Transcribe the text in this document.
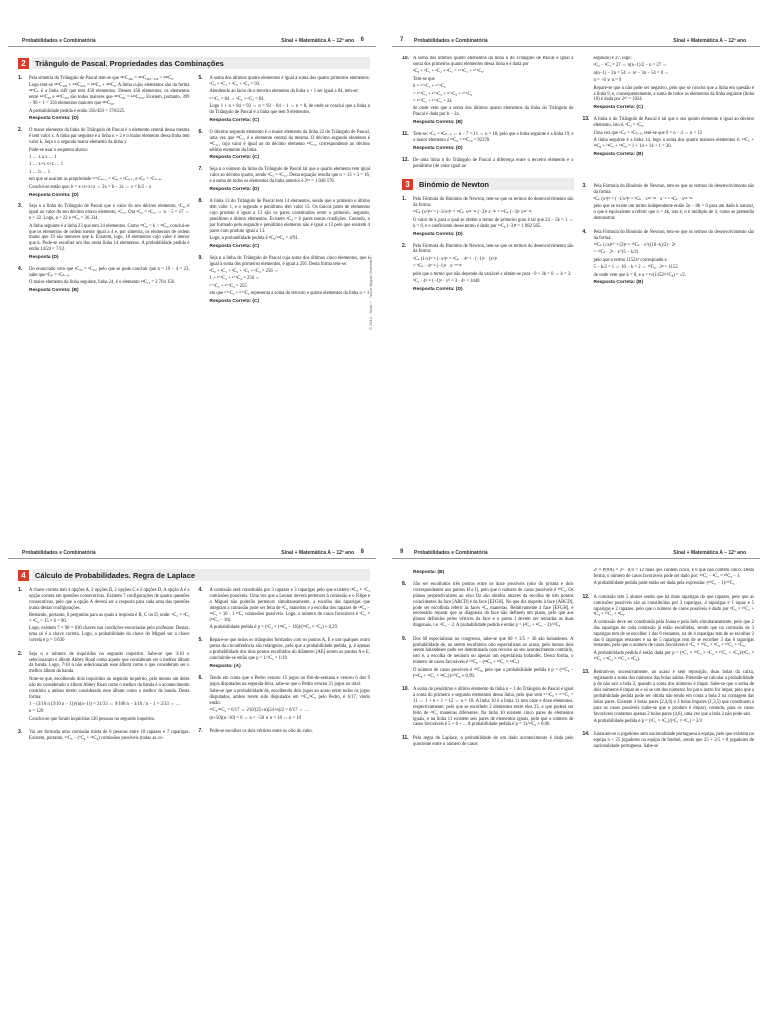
Probabilidades e Combinatória	Sinal + Matemática A – 12º ano 6
2	Triângulo de Pascal. Propriedades das Combinações
1.	Pela simetria do Triângulo de Pascal tem-se que ⁴⁴⁹C₄₄₀ = ⁴⁴⁹C₄₄₉₋₄₄₀ = ⁴⁴⁹C₉.

Logo tem-se ⁴⁴⁹C₄₄₉ + ⁴⁴⁹C₄₄₀ = ⁴⁴⁹C₉ + ⁴⁴⁹C₉. A linha cujos elementos são da forma ⁴⁴⁹Cₖ é a linha 449 que tem 450 elementos. Desses 450 elementos, os elementos entre ⁴⁴⁹C₉₀ e ⁴⁴⁹C₃₅₉ são todos maiores que ⁴⁴⁹C₉₀ = ⁴⁴⁹C₃₅₉. Existem, portanto, 399 − 90 + 1 = 356 elementos maiores que ⁴⁴⁹C₉₀.

A probabilidade pedida é então 356/450 = 178/225.

Resposta Correta: (D)
2.	O maior elemento da linha do Triângulo de Pascal é o elemento central dessa mesma é tem valor x. A linha par seguinte é a linha n + 2 e o maior elemento dessa linha tem valor k. Seja x o segundo maior elemento da linha y.

Pode-se usar o esquema abaixo

1 … x a x … 1

1 … x+z x+z … 1

1 … b … 1

em que se usaram as propriedade ⁿ⁺¹Cₚ₊₁ = ⁿCₚ + ⁿCₚ₊₁ e ⁿCₚ = ⁿCₙ₋ₚ.

Conclui-se então que: b = x+z+x+z ⇔ 2x = b − 2z ⇔ x = b/2 − z

Resposta Correta: (D)
3.	Seja n a linha do Triângulo de Pascal que o valor do seu décimo elemento, ⁿC₉, é igual ao valor do seu décimo oitavo elemento, ⁿC₁₇. Ora ⁿC₉ = ⁿC₁₇ ⇔ n − 5 = 17 ⇔ n = 22. Logo, n = 22 e ²²C₅ = 26 334.

A linha seguinte é a linha 23 que tem 24 elementos. Como ²³C₀ < k < ²³C₃, conclui-se que os elementos de ordem menor igual a 4 e, por simetria, os elementos de ordem maior que 19 são menores que k. Existem, logo, 10 elementos cujo valor é menor que k. Pode-se escolher um dos nesta linha 14 elementos. A probabilidade pedida é então 14/24 = 7/12.

Resposta (D)
4.	Do enunciado vem que ⁿC₂₃ = ⁿC₂₅, pelo que se pode concluir que n = 19 − 4 = 23, sabe que ⁿCₚ = ⁿCₙ₋ₚ.

O maior elemento da linha seguinte, linha 24, é o elemento ²⁴C₁₂ = 2 704 156.

Resposta Correta: (B)
5.	A soma dos últimos quatro elementos é igual à soma dos quatro primeiros elementos: ⁿC₀ + ⁿC₁ + ⁿC₂ + ⁿC₃ = 93.

Atendendo ao facto de o terceiro elemento da linha n + 1 ser igual a 84, tem-se:

ⁿ⁺¹C₂ = 84 ⇔ ⁿC₁ + ⁿC₂ = 84.

Logo 1 + n + 84 = 93 ⇔ n = 93 − 84 − 1 ⇔ n = 8, de onde se conclui que a linha n do Triângulo de Pascal é a linha que tem 9 elementos.

Resposta Correta: (C)
6.	O décimo segundo elemento é o maior elemento da linha 22 do Triângulo de Pascal, uma vez que ²²C₁₁ é o elemento central da mesma. O décimo segundo elemento é ²³C₁₁, cujo valor é igual ao do décimo elemento ²³C₁₂, correspondente ao décimo sétimo elemento da linha.

Resposta Correta: (C)
7.	Seja n o número da linha do Triângulo de Pascal tal que o quarto elemento tem igual valor ao décimo quarto, sendo ⁿC₃ = ⁿC₁₃. Desta equação resulta que n = 13 + 3 = 16, e a soma de todos os elementos da linha anterior é 2¹⁵ = 1 048 576.

Resposta Correta: (D)
8.	A linha 13 do Triângulo de Pascal tem 14 elementos, sendo que o primeiro e último têm valor 1, e o segundo e penúltimo têm valor 13. Os únicos pares de elementos cujo produto é igual a 13 são os pares constituídos entre o primeiro, segundo, penúltimo e último elementos. Existem ⁴C₂ = 6 pares nestas condições. Contudo, o par formado pelo segundo e penúltimo elemento não é igual a 13 pelo que existem 4 pares com produto igual a 13.

Logo, a probabilidade pedida é ⁴C₂/¹⁴C₂ = 4/91.

Resposta Correta: (C)
9.	Seja n a linha do Triângulo de Pascal cuja soma dos últimos cinco elementos, que é igual à soma dos primeiros elementos, é igual a 256. Desta forma tem-se:

ⁿC₀ + ⁿC₁ + ⁿC₂ + ⁿC₃ + ⁿC₄ = 256 ⇔

1 + ⁿ⁺¹C₂ + ⁿ⁺¹C₄ = 256 ⇔

ⁿ⁺¹C₂ + ⁿ⁺¹C₄ = 255

em que ⁿ⁺¹C₂ + ⁿ⁺¹C₄ representa a soma do terceiro e quinto elementos da linha n + 1

Resposta Correta: (C)
7 Probabilidades e Combinatória	Sinal + Matemática A – 12º ano
10. A soma dos últimos quatro elementos da linha n do Triângulo de Pascal é igual à soma dos primeiros quatro elementos dessa linha e é dada por

ⁿC₀ + ⁿC₁ + ⁿC₂ + ⁿC₃ = ⁿ⁺¹C₁ + ⁿ⁺¹C₃.

Tem-se que

b = ⁿ⁺¹C₁ + ⁿ⁺¹C₃

= ⁿ⁺¹C₁ + ⁿ⁺¹C₂ + ⁿ⁺¹C₃ + ⁿ⁺¹C₃

= ⁿ⁺¹C₁ + ⁿ⁺¹C₂ + 2a

de onde vem que a soma dos últimos quatro elementos da linha do Triângulo de Pascal é dada por b − 2a.

Resposta Correta: (B)
11. Tem-se: ⁿCₚ = ⁿCₙ₋ₚ ⇔ n − 7 = 11 ⇔ n = 18, pelo que a linha seguinte é a linha 19, e o maior elemento é ¹⁹C₉ = ¹⁹C₁₀ = 92378.

Resposta Correta: (D)
12. De uma linha n do Triângulo de Pascal a diferença entre o terceiro elemento e o penúltimo (de valor igual ao

3	Binómio de Newton
1.	Pela Fórmula do Binómio de Newton, tem-se que os termos do desenvolvimento são da forma:

¹²Cₖ (x²)¹²⁻ᵏ (−3/x³)ᵏ = ¹²Cₖ x²⁴⁻²ᵏ (−3)ᵏ x⁻³ᵏ = ¹²Cₖ (−3)ᵏ x²⁴⁻⁵ᵏ

O valor de k para o qual se obtém o termo de primeiro grau é tal que 24 − 5k = 1 ⇔ k = 8, e o coeficiente desse termo é dado por ¹²C₈ (−3)⁸ = 1 082 565.

Resposta Correta: (D)
2.	Pela Fórmula do Binómio de Newton, tem-se que os termos do desenvolvimento são da forma:

⁹Cₖ (1/x)⁹⁻ᵏ (−x²)ᵏ = ⁹Cₖ · 4⁹⁻ᵏ · (−1)ᵏ · (x²)ᵏ

= ⁹Cₖ · 4⁹⁻ᵏ (−1)ᵏ · x⁻⁹⁺³ᵏ

pelo que o termo que não depende da variável x obtém-se para −9 + 3k = 0 ⇔ k = 3:

⁹C₃ · 4⁶ × (−1)³ · x⁰ = 3 · 4⁶ = 3440

Resposta Correta: (D)

segundo) é 27, logo:

ⁿC₂ − ⁿC₁ = 27 ⇔ n(n−1)/2 − n = 27 ⇔

n(n−1) − 2n = 54 ⇔ n² − 3n − 54 = 0 ⇔

n = −6 ∨ n = 9

Repare-se que n não pode ser negativo, pelo que se conclui que a linha em questão é a linha 9, e, consequentemente, a soma de todos os elementos da linha seguinte (linha 10) é dada por 2¹⁰ = 1024.

Resposta Correta: (C)
13. A linha n do Triângulo de Pascal é tal que o seu quinto elemento é igual ao décimo elemento, isto é, ⁿC₄ = ⁿC₉.

Uma vez que ⁿCₚ = ⁿCₙ₋ₚ, tem-se que 9 = n − 4 ⇔ n = 13

A linha seguinte é a linha 14, logo a soma dos quatro maiores elementos é: ¹⁴C₅ + ¹⁴C₆ + ¹⁴C₇ + ¹⁴C₈ = 1 + 14 + 14 + 1 = 30.

Resposta Correta: (B)
3.	Pela Fórmula do Binómio de Newton, tem-se que os termos do desenvolvimento são da forma:

⁹Cₖ (x²)⁹⁻ᵏ (−1/x²)ᵏ = ⁹Cₖ · x¹⁸⁻²ᵏ · x⁻ᵏ = ⁹Cₖ · x¹⁸⁻³ᵏ

pelo que se existe um termo independente então 2n − 8k = 0 para um dado k natural, o que é equivalente a referir que n = 4k, isto é, n é múltiplo de 4, como se pretendia demonstrar.

4.	Pela Fórmula do Binómio de Newton, tem-se que os termos do desenvolvimento são da forma:

¹⁰Cₖ (√x)¹⁰⁻ᵏ (2)ᵏ = ¹⁰Cₖ · x^((10−k)/2) · 2ᵏ

= ¹⁰Cₖ · 2ᵏ · x^(5 − k/2)

pelo que o termo 1152x² corresponde a

5 − k/2 = 1 ⇔ 10 − k = 2 ⇔ ¹⁰C₈ · 2⁸ = 1152

de onde vem que k = 8, e a = ⁸√(1152/¹⁰C₈) = √2.

Resposta Correta: (B)
© 2014 · Sinal + · Nuno Miguel Guerreiro
Probabilidades e Combinatória	Sinal + Matemática A – 12º ano 8
4	Cálculo de Probabilidades. Regra de Laplace
1.	A chave correta tem 4 opções A, 2 opções B, 2 opções C e 2 opções D. A opção A é a opção correta em questões consecutivas. Existem 7 configurações de quatro questões consecutivas, pelo que a opção A deverá ser a resposta para cada uma das questões numa destas configurações.

Restando, portanto, 6 perguntas para as quais a resposta é B, C ou D, onde: ⁶C₂ × ⁴C₂ × ²C₂ = 15 × 6 = 90.

Logo, existem 7 × 90 = 630 chaves nas condições enunciadas pelo professor. Destas, uma só é a chave correta. Logo, a probabilidade da chave do Miguel ser a chave correta é p = 1/630

2.	Seja n o número de inquiridos no segundo inquérito. Sabe-se que 3/10 n selecionaram o álbum Abbey Road como aquele que consideram ser o melhor álbum da banda. Logo, 7/10 n não selecionaram esse álbum como o que consideram ser o melhor álbum da banda.

Note-se que, escolhendo dois inquiridos no segundo inquérito, pelo menos um deles não ter considerado o álbum Abbey Road como o melhor da banda é o acontecimento contrário a ambos terem considerado esse álbum como o melhor da banda. Desta forma:

1 − (3/10 n (3/10 n − 1))/(n(n−1)) = 31/33 ⇔ 9/100 n − 3/10 / n − 1 = 2/33 ⇔ …

n = 120

Conclui-se que foram inquiridas 120 pessoas no segundo inquérito.

3.	Vai ser formada uma comissão mista de 6 pessoas entre 18 rapazes e 7 raparigas. Existem, portanto, ²⁵C₆ − (⁷C₆ + ¹⁸C₆) comissões possíveis (todas as co-

4.	A comissão será constituída por 3 rapazes e 3 raparigas pelo que existem ¹⁸C₃ × ⁷C₃ comissões possíveis. Uma vez que a Leonor deverá pertencer à comissão e o Filipe e o Miguel não poderão pertencer simultaneamente, a escolha das raparigas que integram a comissão pode ser feita de ⁶C₂ maneiras e a escolha dos rapazes de ¹⁸C₃ − ¹⁶C₁ = 16 · 1 ¹⁷C₁ comissões possíveis. Logo, o número de casos favoráveis é ⁶C₂ × (¹⁸C₃ − 16).

A probabilidade pedida é p = (⁶C₂ × (¹⁸C₃ − 16))/(¹⁸C₃ × ⁷C₃) ≈ 0,29.

5.	Repare-se que todos os triângulos formados com os pontos A, E e um qualquer outro ponto da circunferência são retângulos, pelo que a probabilidade pedida, p, é apenas a probabilidade dos dois pontos escolhidos do diâmetro [AE] serem os pontos A e E, concluindo-se então que p = 1/⁵C₂ = 1/10

Resposta: (A)
6.	Tendo em conta que o Pedro venceu 15 jogos no fim-de-semana e venceu 6 dos 9 jogos disputados na segunda-feira, sabe-se que o Pedro venceu 21 jogos no total.

Sabe-se que a probabilidade de, escolhendo dois jogos ao acaso entre todos os jogos disputados, ambos terem sido disputados em ¹⁵C₂/ⁿC₂ pelo Pedro, é 6/17, vindo então:

¹⁵C₂/²¹C₂ = 6/17 ⇔ 210/(25+n)(24+n)/2 = 6/17 ⇔ …

(n+50)(n−10) = 0 ⇔ n = −50 ∨ n = 10 ⇔ n = 10

7.	Pode-se escolher os dois vértices entre os oito do cubo.

9 Probabilidades e Combinatória	Sinal + Matemática A – 12º ano
Resposta: (B)
8.	São ser escolhidos três pontos entre os doze possíveis (oito do prisma e dois correspondentes aos pontos H e I), pelo que o número de casos possíveis é ¹⁰C₃. Os planos perpendiculares ao eixo Oz são obtidos através da escolha de três pontos coincidentes da face [ABCD] e da face [EFGH]. No que diz respeito à face [ABCD], pode ser escolhida referir às faces ⁴C₃ maneiras. Relativamente à face [EFGH], é necessário reparar que as diagonais da face não definem um plano, pelo que aos planos definidos pelos vértices da face e o ponto I devem ser retiradas as duas diagonais, i.e. ⁴C₃ − 2. A probabilidade pedida é então p = (⁴C₃ + ⁴C₃ − 2)/¹⁰C₃

9.	Dos 60 especialistas no congresso, sabe-se que 60 × 3/5 = 36 são holandeses. A probabilidade de, ao serem escolhidos oito especialistas ao acaso, pelo menos dois serem holandeses pode ser determinada com recurso ao seu acontecimento contrário, isto é, a escolha de nenhum ou apenas um especialista holandês. Desta forma, o número de casos favoráveis é ⁶⁰C₈ − (²⁴C₈ + ³⁶C₁ × ²⁴C₇)

O número de casos possíveis é ⁶⁰C₈, pelo que a probabilidade pedida é p = (⁶⁰C₈ − (²⁴C₈ + ³⁶C₁ × ²⁴C₇))/⁶⁰C₈ ≈ 0,99.

10. A soma do penúltimo e último elemento da linha n + 1 do Triângulo de Pascal é igual à soma do primeiro e segundo elementos dessa linha, pelo que vem ⁿ⁺¹C₀ + ⁿ⁺¹C₁ = 11 ⇔ 1 + n + 1 = 12 ⇔ n = 10. A linha 10 é a linha 11 tem onze e doze elementos, respectivamente, pelo que se escolhem 2 elementos entre eles 23, e que poderá ser feito de ²³C₂ maneiras diferentes. Na linha 10 existem cinco pares de elementos iguais, e na linha 11 existem seis pares de elementos iguais, pelo que o número de casos favoráveis é 5 + 6 + ... A probabilidade pedida é p = 11/²³C₂ ≈ 0,06.

11. Pela regra de Laplace, a probabilidade de um dado acontecimento é dada pelo quociente entre o número de casos

2ⁿ × P(#A) = 2ⁿ · 0,6 = 12 mais que contém cinco, e 8 que não contém cinco. Desta forma, o número de casos favoráveis pode ser dado por: ²⁰C₃ − ⁸C₃ = ²⁰C₃ − 1.

A probabilidade pedida pode então ser dada pela expressão: (²⁰C₃ − 1)/²⁰C₃

12. A comissão tem 5 alunos sendo que há mais raparigas do que rapazes, pelo que as comissões possíveis são as constituídas por 3 raparigas, 4 raparigas e 1 rapaz e 5 raparigas e 2 rapazes, pelo que o número de casos possíveis é dado por ⁸C₃ × ¹⁰C₂ + ⁸C₄ × ¹⁰C₁ + ⁸C₅.

A comissão deve ser constituída pela Joana e pela Inês simultaneamente, pelo que 2 das raparigas de cada comissão já estão escolhidas, sendo que na comissão de 3 raparigas tem de se escolher 1 das 6 restantes, na de 4 raparigas tem de se escolher 2 das 6 raparigas restantes e na de 5 raparigas tem de se escolher 3 das 6 raparigas restantes, pelo que o número de casos favoráveis é ⁶C₁ × ¹⁰C₂ + ⁶C₂ × ¹⁰C₁ + ⁶C₃.

A probabilidade pedida é então dada por p = (⁶C₁ × ¹⁰C₂ + ⁶C₂ × ¹⁰C₁ + ⁶C₃)/(⁸C₃ × ¹⁰C₂ + ⁸C₄ × ¹⁰C₁ + ⁸C₅).

13. Retiram-se, sucessivamente, ao acaso e sem reposição, duas bolas da caixa, registando a soma dos números das bolas saídas. Pretende-se calcular a probabilidade p de não sair a bola 2, quando a soma dos números é ímpar. Sabe-se que a soma de dois números é ímpar se e só se um dos números for par e outro for ímpar, pelo que a probabilidade pedida pode ser obtida não tendo em conta a bola 2 na contagem das bolas pares. Existem 3 bolas pares (2,4,6) e 3 bolas ímpares (1,3,5) que constituem a para os casos possíveis (sabe-se que o produto é ímpar), contudo, para os casos favoráveis contamos apenas 2 bolas pares (4,6), uma vez que a bola 2 não pode sair.

A probabilidade pedida é p = (²C₁ × ³C₁)/(³C₁ × ³C₁) = 2/3

14. Juntaram-se n jogadores sem nacionalidade portuguesa à equipa, pelo que existem no equipa n + 25 jogadores na equipa de futebol, sendo que 25 + 2/5 = 8 jogadores de nacionalidade portuguesa. Sabe-se
